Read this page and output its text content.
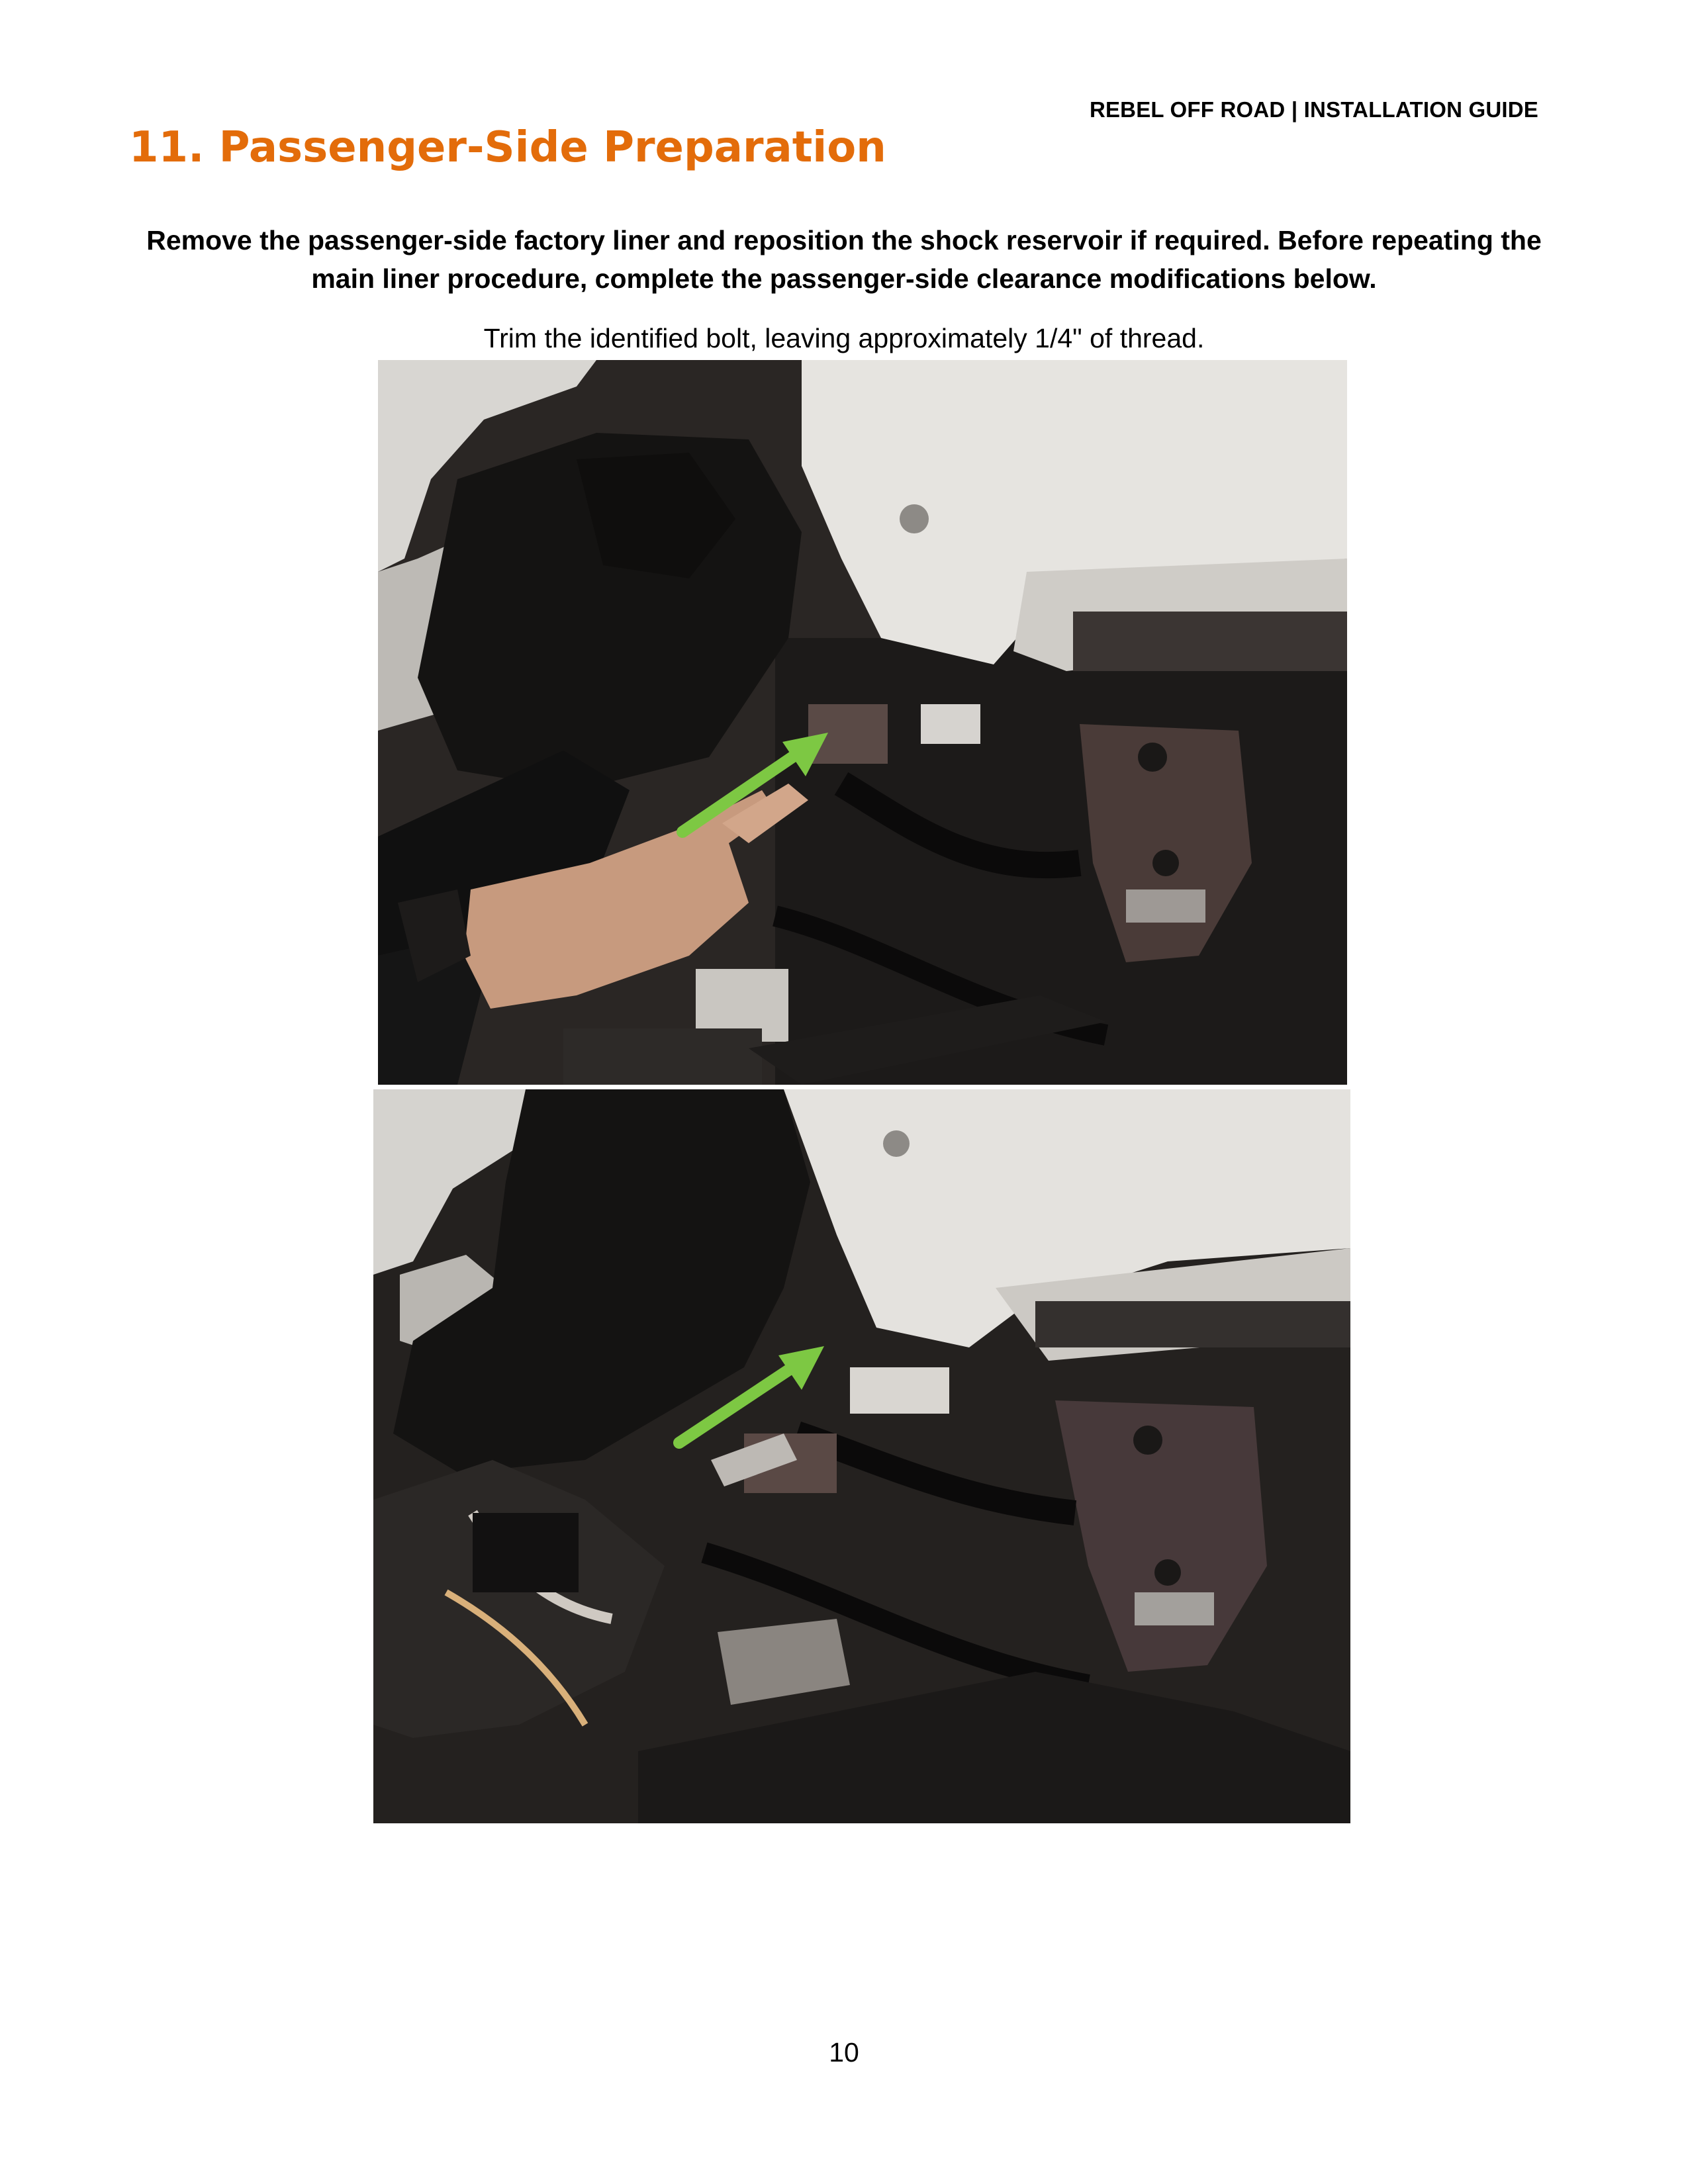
REBEL OFF ROAD | INSTALLATION GUIDE
11. Passenger-Side Preparation
Remove the passenger-side factory liner and reposition the shock reservoir if required. Before repeating the main liner procedure, complete the passenger-side clearance modifications below.
Trim the identified bolt, leaving approximately 1/4" of thread.
10
